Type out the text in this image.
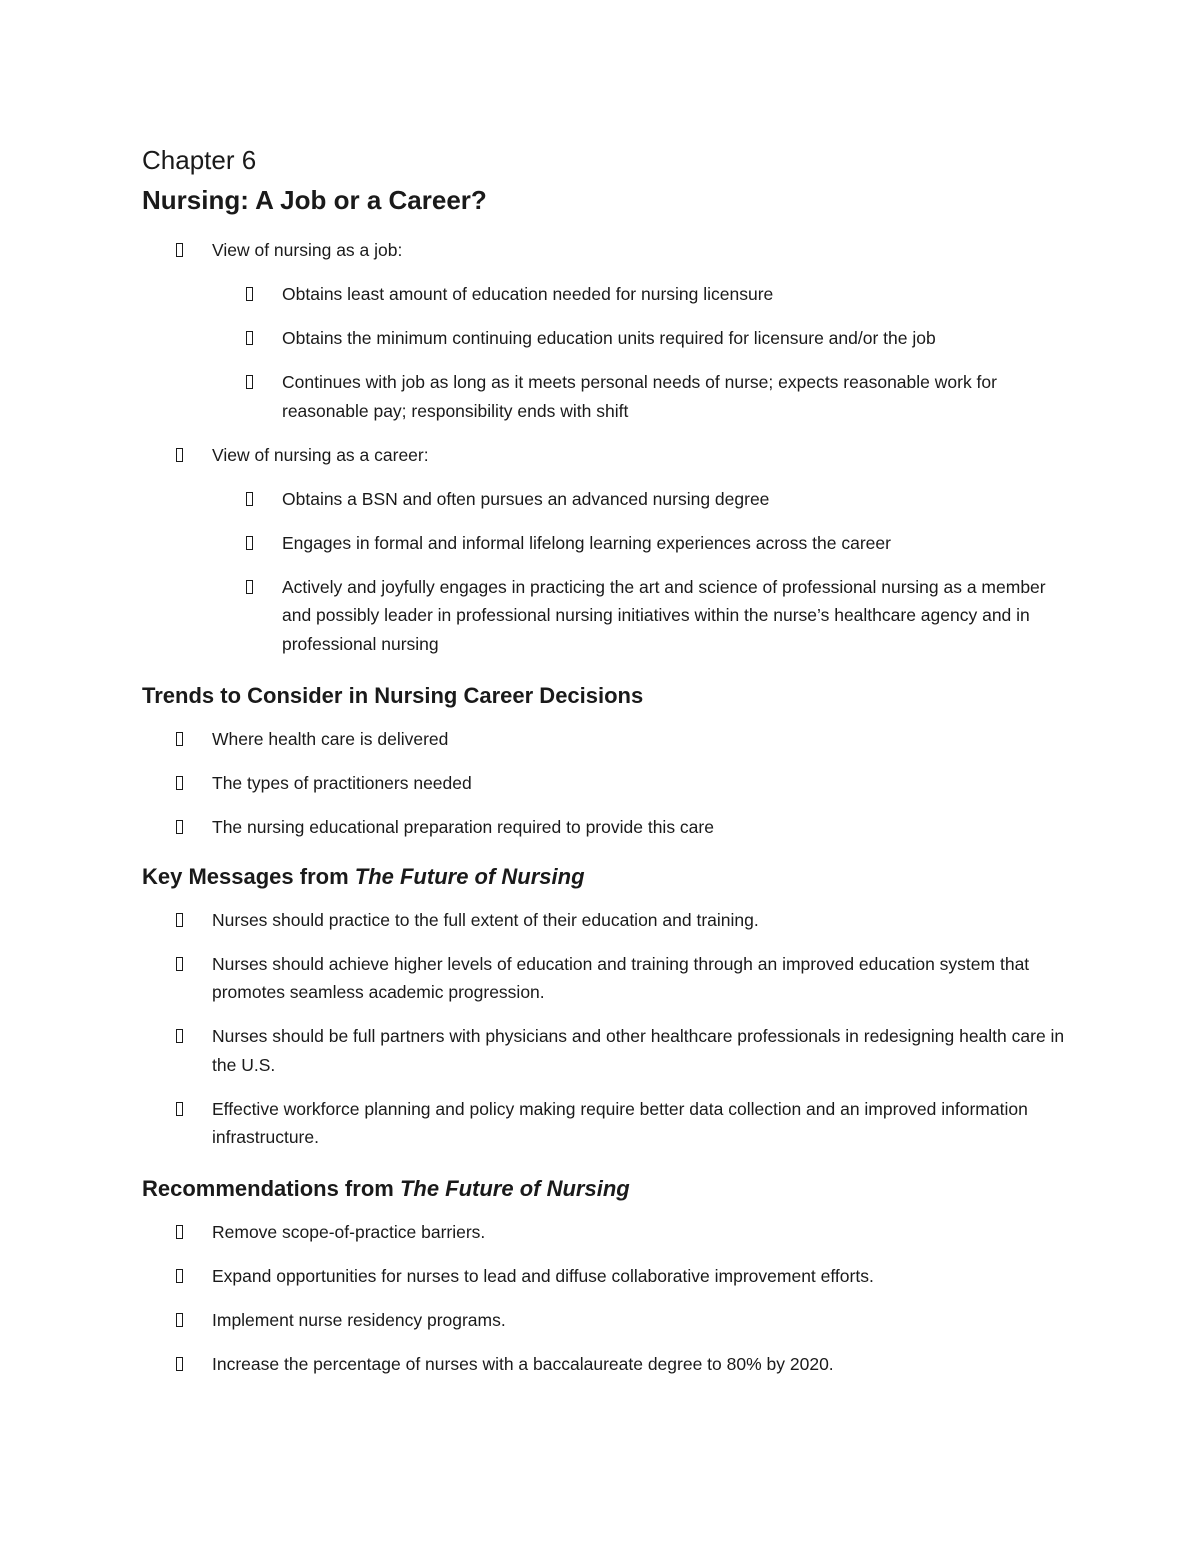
Chapter 6
Nursing: A Job or a Career?
View of nursing as a job:
Obtains least amount of education needed for nursing licensure
Obtains the minimum continuing education units required for licensure and/or the job
Continues with job as long as it meets personal needs of nurse; expects reasonable work for reasonable pay; responsibility ends with shift
View of nursing as a career:
Obtains a BSN and often pursues an advanced nursing degree
Engages in formal and informal lifelong learning experiences across the career
Actively and joyfully engages in practicing the art and science of professional nursing as a member and possibly leader in professional nursing initiatives within the nurse’s healthcare agency and in professional nursing
Trends to Consider in Nursing Career Decisions
Where health care is delivered
The types of practitioners needed
The nursing educational preparation required to provide this care
Key Messages from The Future of Nursing
Nurses should practice to the full extent of their education and training.
Nurses should achieve higher levels of education and training through an improved education system that promotes seamless academic progression.
Nurses should be full partners with physicians and other healthcare professionals in redesigning health care in the U.S.
Effective workforce planning and policy making require better data collection and an improved information infrastructure.
Recommendations from The Future of Nursing
Remove scope-of-practice barriers.
Expand opportunities for nurses to lead and diffuse collaborative improvement efforts.
Implement nurse residency programs.
Increase the percentage of nurses with a baccalaureate degree to 80% by 2020.
